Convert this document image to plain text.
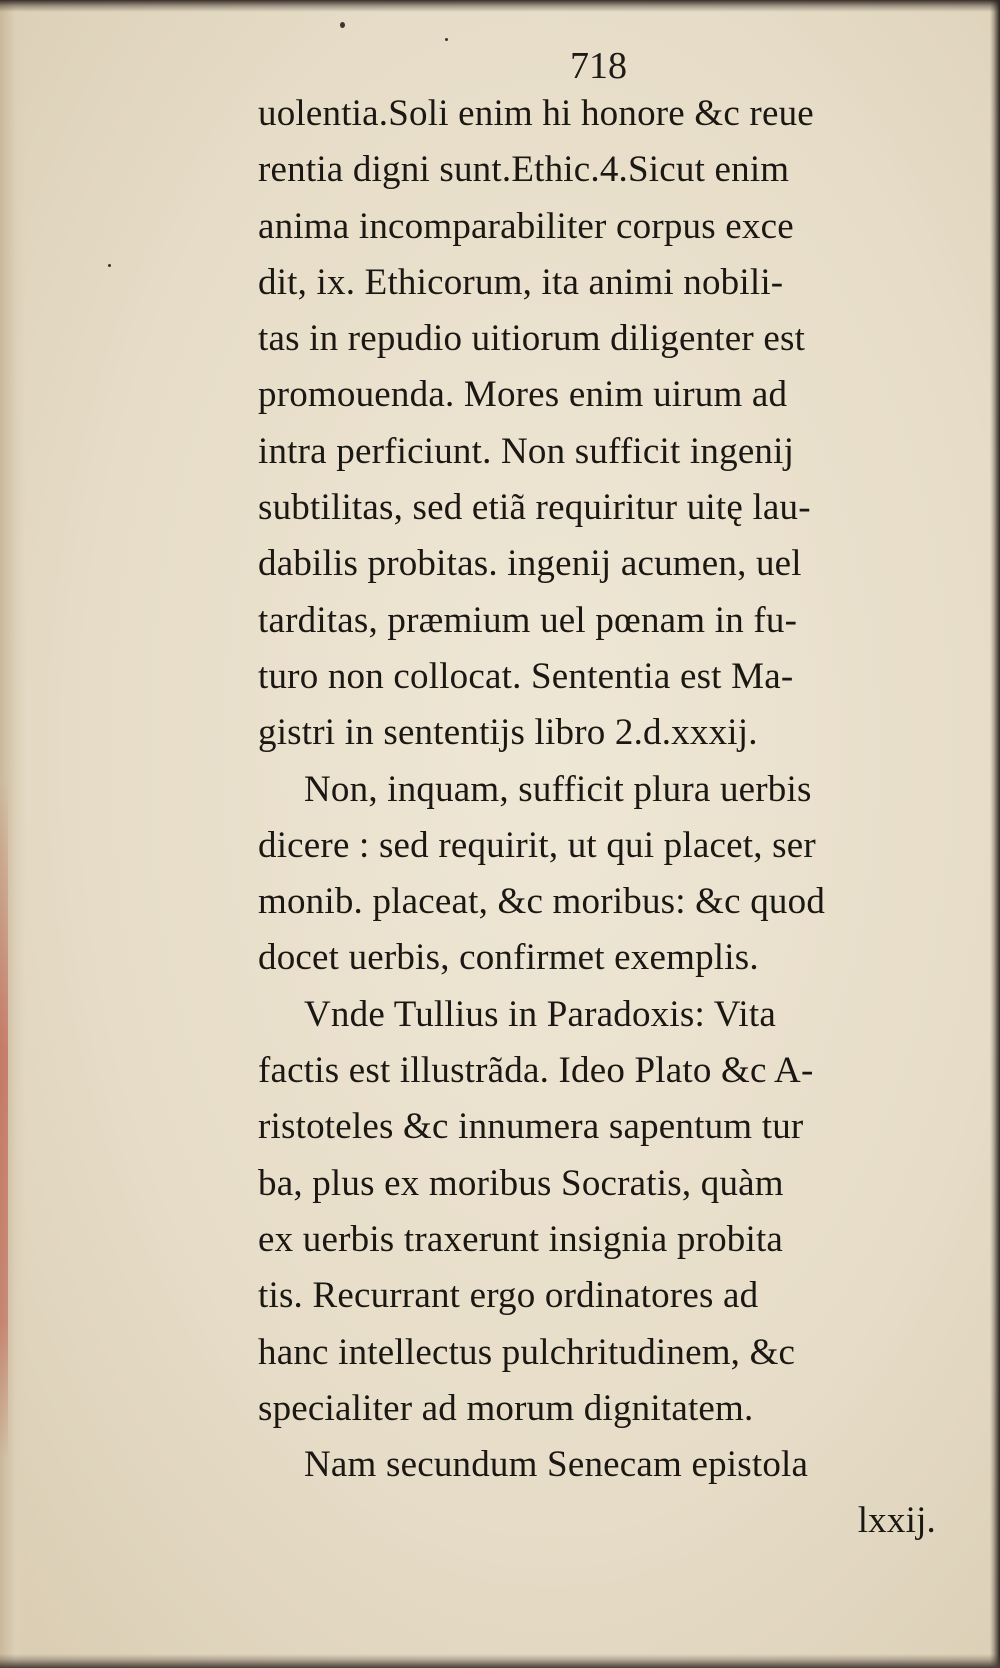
718
uolentia.Soli enim hi honore &c reue
rentia digni sunt.Ethic.4.Sicut enim
anima incomparabiliter corpus exce
dit, ix. Ethicorum, ita animi nobili-
tas in repudio uitiorum diligenter est
promouenda. Mores enim uirum ad
intra perficiunt. Non sufficit ingenij
subtilitas, sed etiã requiritur uitę lau-
dabilis probitas. ingenij acumen, uel
tarditas, præmium uel pœnam in fu-
turo non collocat. Sententia est Ma-
gistri in sententijs libro 2.d.xxxij.
Non, inquam, sufficit plura uerbis
dicere : sed requirit, ut qui placet, ser
monib. placeat, &c moribus: &c quod
docet uerbis, confirmet exemplis.
Vnde Tullius in Paradoxis: Vita
factis est illustrãda. Ideo Plato &c A-
ristoteles &c innumera sapentum tur
ba, plus ex moribus Socratis, quàm
ex uerbis traxerunt insignia probita
tis. Recurrant ergo ordinatores ad
hanc intellectus pulchritudinem, &c
specialiter ad morum dignitatem.
Nam secundum Senecam epistola
lxxij.
